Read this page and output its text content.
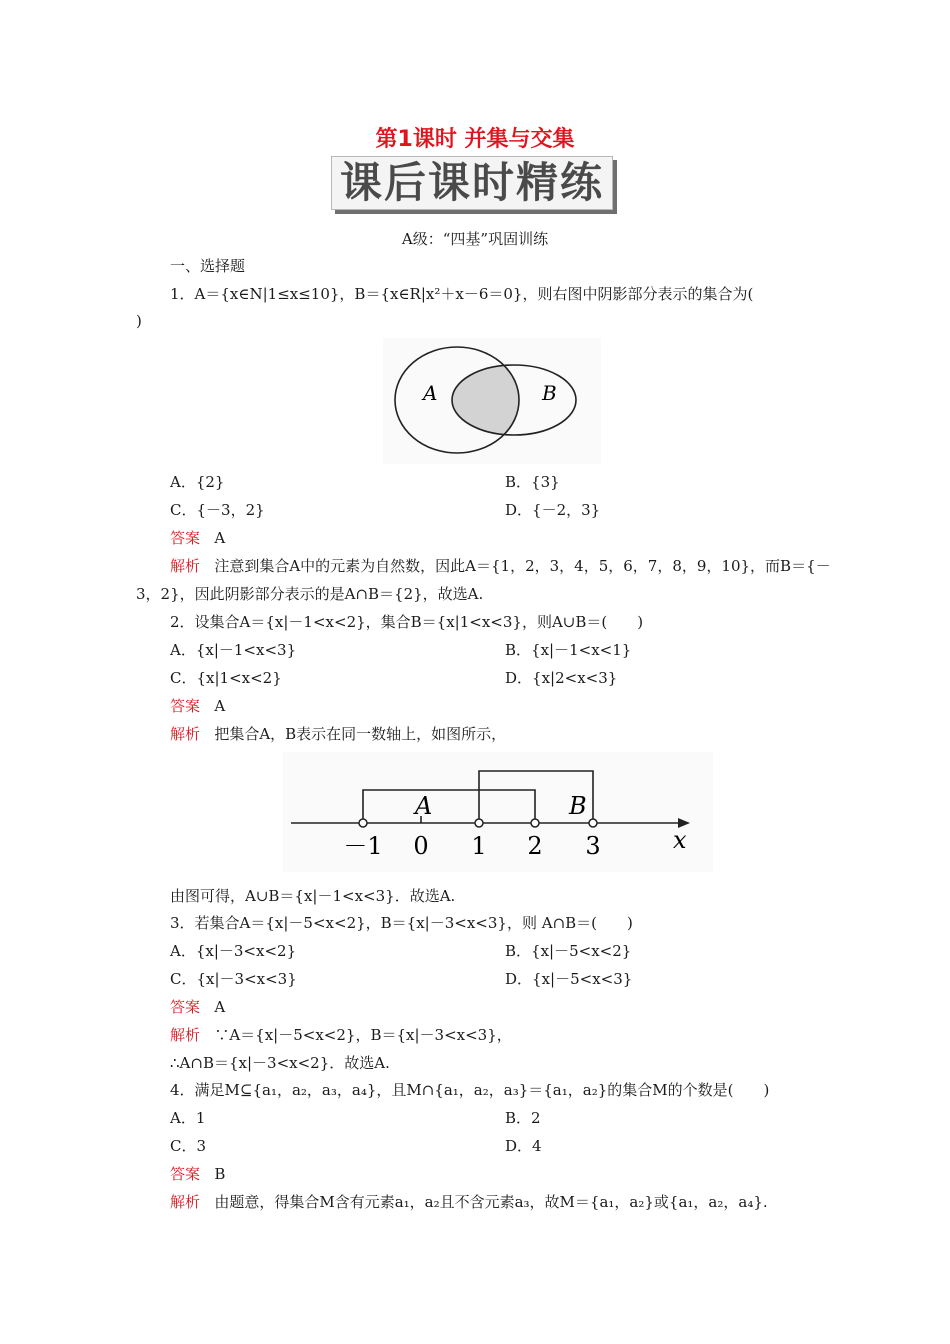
第1课时 并集与交集
课后课时精练
A级：“四基”巩固训练
一、选择题
1．A＝{x∈N|1≤x≤10}，B＝{x∈R|x²＋x－6＝0}，则右图中阴影部分表示的集合为(
)
A	B
A．{2}	B．{3}
C．{－3，2}	D．{－2，3}
答案 A
解析 注意到集合A中的元素为自然数，因此A＝{1，2，3，4，5，6，7，8，9，10}，而B＝{－
3，2}，因此阴影部分表示的是A∩B＝{2}，故选A.
2．设集合A＝{x|－1<x<2}，集合B＝{x|1<x<3}，则A∪B＝(　　)
A．{x|－1<x<3}	B．{x|－1<x<1}
C．{x|1<x<2}	D．{x|2<x<3}
答案 A
解析 把集合A，B表示在同一数轴上，如图所示，
A	B
－1 0 1 2 3	x
由图可得，A∪B＝{x|－1<x<3}．故选A.
3．若集合A＝{x|－5<x<2}，B＝{x|－3<x<3}，则 A∩B＝(　　)
A．{x|－3<x<2}	B．{x|－5<x<2}
C．{x|－3<x<3}	D．{x|－5<x<3}
答案 A
解析 ∵A＝{x|－5<x<2}，B＝{x|－3<x<3}，
∴A∩B＝{x|－3<x<2}．故选A.
4．满足M⊆{a₁，a₂，a₃，a₄}，且M∩{a₁，a₂，a₃}＝{a₁，a₂}的集合M的个数是(　　)
A．1	B．2
C．3	D．4
答案 B
解析 由题意，得集合M含有元素a₁，a₂且不含元素a₃，故M＝{a₁，a₂}或{a₁，a₂，a₄}.
